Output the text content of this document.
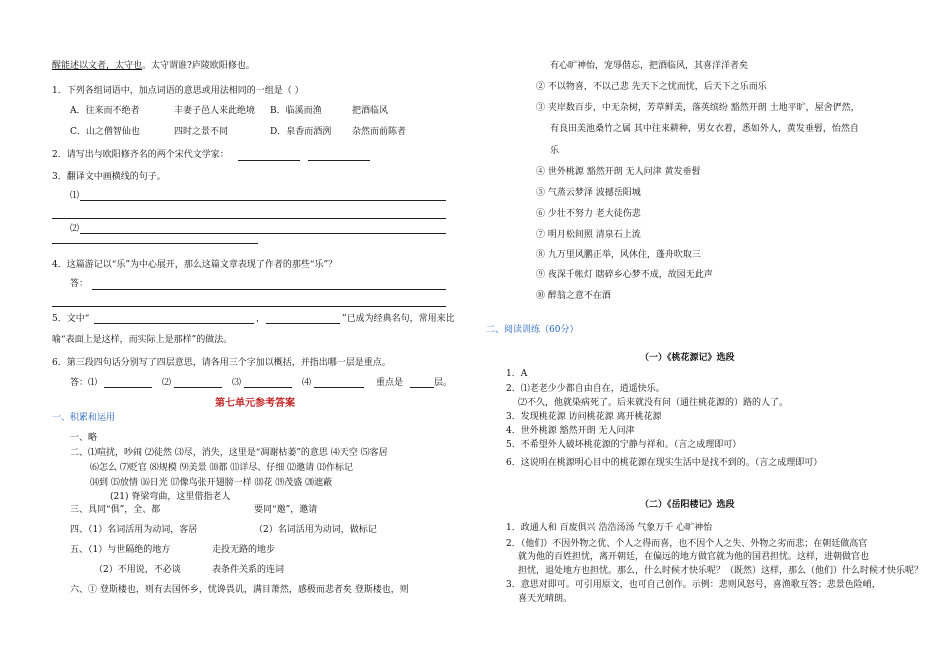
醒能述以文者，太守也。太守谓谁?庐陵欧阳修也。
1．下列各组词语中，加点词语的意思或用法相同的一组是（ ）
A．往来而不绝者	丰妻子邑人来此绝境 B．临溪而渔	把酒临风
C．山之僧智仙也	四时之景不同	D．泉香而酒洌 杂然而前陈者
2．请写出与欧阳修齐名的两个宋代文学家：
3．翻译文中画横线的句子。
⑴
⑵
4．这篇游记以“乐”为中心展开，那么这篇文章表现了作者的那些“乐”？
答：
5．文中“	，	”已成为经典名句，常用来比
喻“表面上是这样，而实际上是那样”的做法。
6．第三段四句话分别写了四层意思，请各用三个字加以概括，并指出哪一层是重点。
答：⑴	⑵	⑶	⑷	重点是	层。
第七单元参考答案
一、积累和运用
一、略
二、⑴喧扰，吵闹 ⑵徒然 ⑶尽，消失，这里是“凋谢枯萎”的意思 ⑷天空 ⑸客居
⑹怎么 ⑺贬官 ⑻规模 ⑼美景 ⑽都 ⑾详尽、仔细 ⑿邀请 ⒀作标记
⒁到 ⒂放情 ⒃日光 ⒄像鸟张开翅膀一样 ⒅花 ⒆茂盛 ⒇遮蔽
(21) 脊梁弯曲，这里借指老人
三、具同“俱”，全、都	要同“邀”，邀请
四、（1）名词活用为动词，客居	（2）名词活用为动词，做标记
五、（1）与世隔绝的地方	走投无路的地步
（2）不用说，不必谈	表条件关系的连词
六、① 登斯楼也，则有去国怀乡，忧谗畏讥，满目萧然，感极而悲者矣 登斯楼也，则
有心旷神怡，宠辱偕忘，把酒临风，其喜洋洋者矣
② 不以物喜，不以己悲 先天下之忧而忧，后天下之乐而乐
③ 夹岸数百步，中无杂树，芳草鲜美，落英缤纷 豁然开朗 土地平旷，屋舍俨然，
有良田美池桑竹之属 其中往来耕种，男女衣着，悉如外人，黄发垂髫，怡然自
乐
④ 世外桃源 豁然开朗 无人问津 黄发垂髫
⑤ 气蒸云梦泽 波撼岳阳城
⑥ 少壮不努力 老大徒伤悲
⑦ 明月松间照 清泉石上流
⑧ 九万里风鹏正举，风休住，蓬舟吹取三
⑨ 夜深千帐灯 瞎碎乡心梦不成，故园无此声
⑩ 醉翁之意不在酒
二、阅读训练（60分）
（一）《桃花源记》选段
1．A
2．⑴老老少少都自由自在，逍遥快乐。
⑵不久，他就染病死了。后来就没有问（通往桃花源的）路的人了。
3．发现桃花源 访问桃花源 离开桃花源
4．世外桃源 豁然开朗 无人问津
5．不希望外人破坏桃花源的宁静与祥和。（言之成理即可）
6．这说明在桃源明心目中的桃花源在现实生活中是找不到的。（言之成理即可）
（二）《岳阳楼记》选段
1．政通人和 百废俱兴 浩浩汤汤 气象万千 心旷神怡
2．（他们）不因外物之优、个人之得而喜，也不因个人之失、外物之劣而悲；在朝廷做高官
就为他的百姓担忧，离开朝廷，在偏远的地方做官就为他的国君担忧。这样，进朝做官也
担忧，退处地方也担忧。那么，什么时候才快乐呢？（既然）这样，那么（他们）什么时候才快乐呢？
3．意思对即可。可引用原文，也可自己创作。示例：悲则风怒号，喜渔歌互答；悲景色险峭，
喜天光晴朗。
